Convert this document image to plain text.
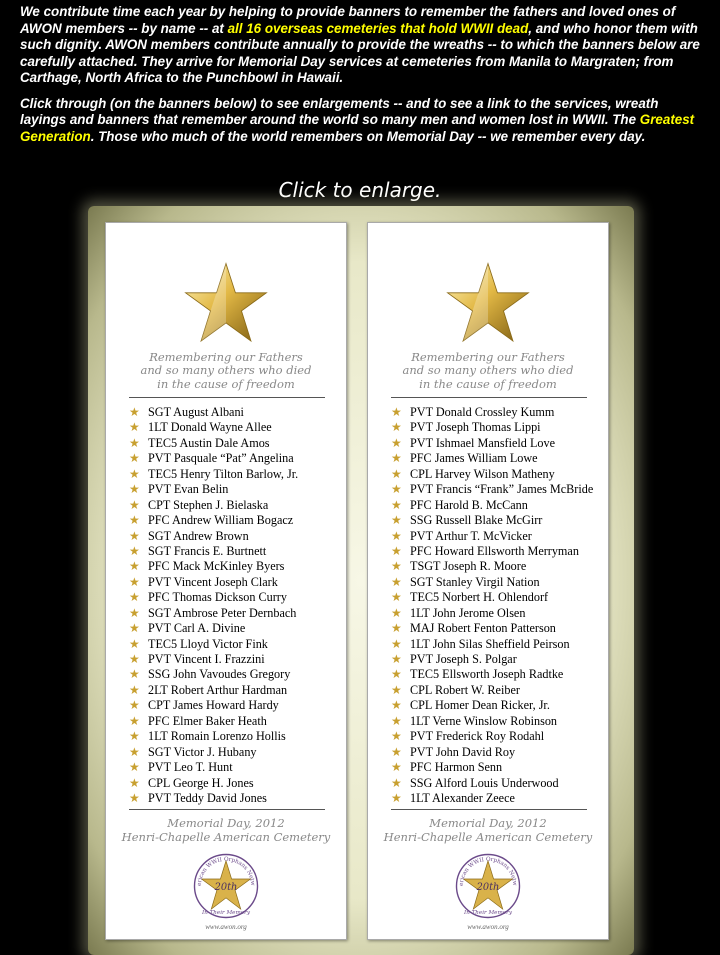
We contribute time each year by helping to provide banners to remember the fathers and loved ones of AWON members -- by name -- at all 16 overseas cemeteries that hold WWII dead, and who honor them with such dignity. AWON members contribute annually to provide the wreaths -- to which the banners below are carefully attached. They arrive for Memorial Day services at cemeteries from Manila to Margraten; from Carthage, North Africa to the Punchbowl in Hawaii.

Click through (on the banners below) to see enlargements -- and to see a link to the services, wreath layings and banners that remember around the world so many men and women lost in WWII. The Greatest Generation. Those who much of the world remembers on Memorial Day -- we remember every day.

Click to enlarge.
Remembering our Fathers
and so many others who died
in the cause of freedom
★ SGT August Albani
★ 1LT Donald Wayne Allee
★ TEC5 Austin Dale Amos
★ PVT Pasquale “Pat” Angelina
★ TEC5 Henry Tilton Barlow, Jr.
★ PVT Evan Belin
★ CPT Stephen J. Bielaska
★ PFC Andrew William Bogacz
★ SGT Andrew Brown
★ SGT Francis E. Burtnett
★ PFC Mack McKinley Byers
★ PVT Vincent Joseph Clark
★ PFC Thomas Dickson Curry
★ SGT Ambrose Peter Dernbach
★ PVT Carl A. Divine
★ TEC5 Lloyd Victor Fink
★ PVT Vincent I. Frazzini
★ SSG John Vavoudes Gregory
★ 2LT Robert Arthur Hardman
★ CPT James Howard Hardy
★ PFC Elmer Baker Heath
★ 1LT Romain Lorenzo Hollis
★ SGT Victor J. Hubany
★ PVT Leo T. Hunt
★ CPL George H. Jones
★ PVT Teddy David Jones
Memorial Day, 2012
Henri-Chapelle American Cemetery
20th
erican WWII Orphans Netw
In Their Memory
www.awon.org
Remembering our Fathers
and so many others who died
in the cause of freedom
★ PVT Donald Crossley Kumm
★ PVT Joseph Thomas Lippi
★ PVT Ishmael Mansfield Love
★ PFC James William Lowe
★ CPL Harvey Wilson Matheny
★ PVT Francis “Frank” James McBride
★ PFC Harold B. McCann
★ SSG Russell Blake McGirr
★ PVT Arthur T. McVicker
★ PFC Howard Ellsworth Merryman
★ TSGT Joseph R. Moore
★ SGT Stanley Virgil Nation
★ TEC5 Norbert H. Ohlendorf
★ 1LT John Jerome Olsen
★ MAJ Robert Fenton Patterson
★ 1LT John Silas Sheffield Peirson
★ PVT Joseph S. Polgar
★ TEC5 Ellsworth Joseph Radtke
★ CPL Robert W. Reiber
★ CPL Homer Dean Ricker, Jr.
★ 1LT Verne Winslow Robinson
★ PVT Frederick Roy Rodahl
★ PVT John David Roy
★ PFC Harmon Senn
★ SSG Alford Louis Underwood
★ 1LT Alexander Zeece
Memorial Day, 2012
Henri-Chapelle American Cemetery
20th
erican WWII Orphans Netw
In Their Memory
www.awon.org
